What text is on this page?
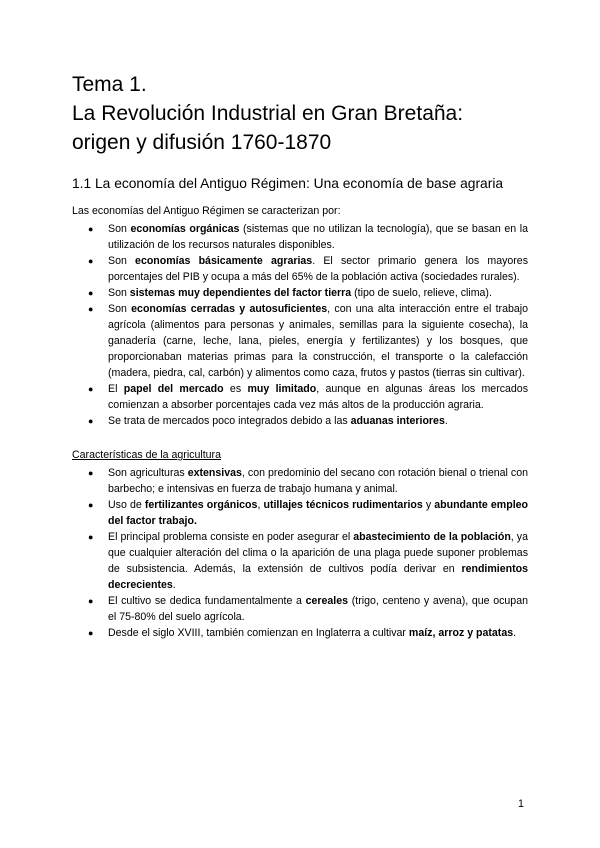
Tema 1.
La Revolución Industrial en Gran Bretaña:
origen y difusión 1760-1870
1.1 La economía del Antiguo Régimen: Una economía de base agraria

Las economías del Antiguo Régimen se caracterizan por:

● Son economías orgánicas (sistemas que no utilizan la tecnología), que se basan en la utilización de los recursos naturales disponibles.
● Son economías básicamente agrarias. El sector primario genera los mayores porcentajes del PIB y ocupa a más del 65% de la población activa (sociedades rurales).
● Son sistemas muy dependientes del factor tierra (tipo de suelo, relieve, clima).
● Son economías cerradas y autosuficientes, con una alta interacción entre el trabajo agrícola (alimentos para personas y animales, semillas para la siguiente cosecha), la ganadería (carne, leche, lana, pieles, energía y fertilizantes) y los bosques, que proporcionaban materias primas para la construcción, el transporte o la calefacción (madera, piedra, cal, carbón) y alimentos como caza, frutos y pastos (tierras sin cultivar).
● El papel del mercado es muy limitado, aunque en algunas áreas los mercados comienzan a absorber porcentajes cada vez más altos de la producción agraria.
● Se trata de mercados poco integrados debido a las aduanas interiores.

Características de la agricultura

● Son agriculturas extensivas, con predominio del secano con rotación bienal o trienal con barbecho; e intensivas en fuerza de trabajo humana y animal.
● Uso de fertilizantes orgánicos, utillajes técnicos rudimentarios y abundante empleo del factor trabajo.
● El principal problema consiste en poder asegurar el abastecimiento de la población, ya que cualquier alteración del clima o la aparición de una plaga puede suponer problemas de subsistencia. Además, la extensión de cultivos podía derivar en rendimientos decrecientes.
● El cultivo se dedica fundamentalmente a cereales (trigo, centeno y avena), que ocupan el 75-80% del suelo agrícola.
● Desde el siglo XVIII, también comienzan en Inglaterra a cultivar maíz, arroz y patatas.
1
